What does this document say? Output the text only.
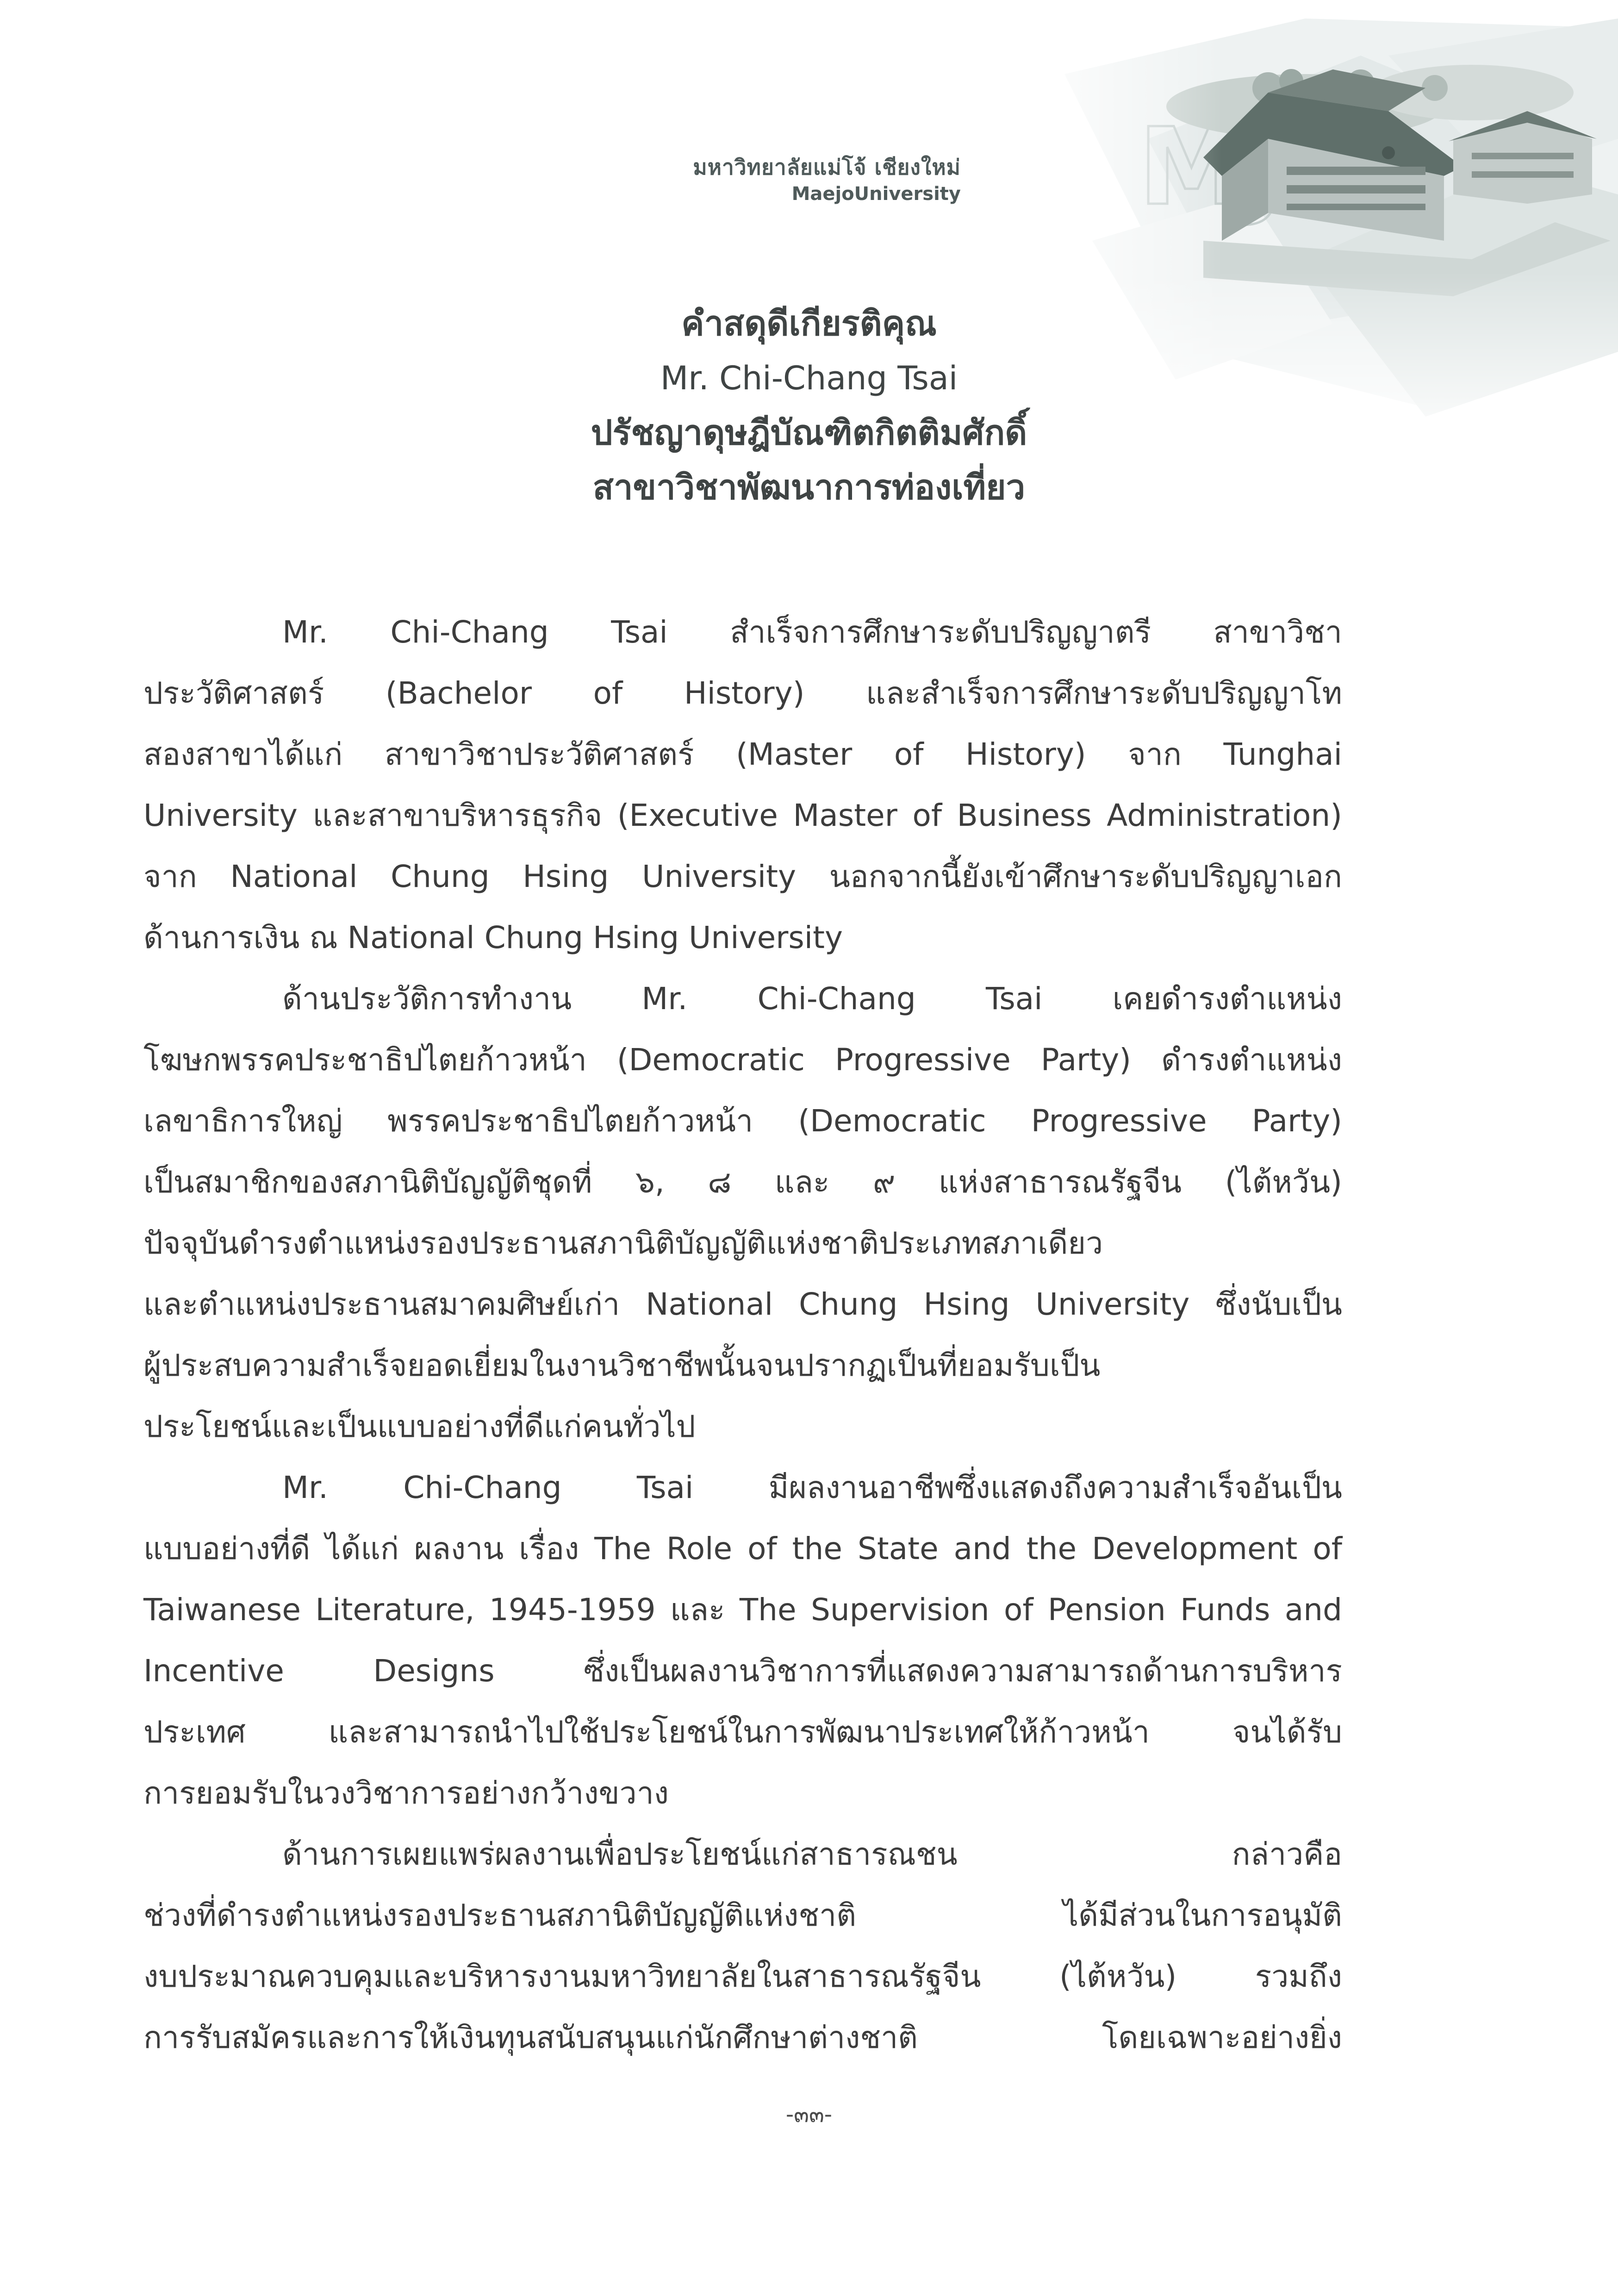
มหาวิทยาลัยแม่โจ้ เชียงใหม่
MaejoUniversity

คำสดุดีเกียรติคุณ

Mr. Chi-Chang Tsai

ปรัชญาดุษฎีบัณฑิตกิตติมศักดิ์

สาขาวิชาพัฒนาการท่องเที่ยว

Mr. Chi-Chang Tsai สำเร็จการศึกษาระดับปริญญาตรี สาขาวิชา
ประวัติศาสตร์ (Bachelor of History) และสำเร็จการศึกษาระดับปริญญาโท
สองสาขาได้แก่ สาขาวิชาประวัติศาสตร์ (Master of History) จาก Tunghai
University และสาขาบริหารธุรกิจ (Executive Master of Business Administration)
จาก National Chung Hsing University นอกจากนี้ยังเข้าศึกษาระดับปริญญาเอก
ด้านการเงิน ณ National Chung Hsing University

ด้านประวัติการทำงาน Mr. Chi-Chang Tsai เคยดำรงตำแหน่ง
โฆษกพรรคประชาธิปไตยก้าวหน้า (Democratic Progressive Party) ดำรงตำแหน่ง
เลขาธิการใหญ่ พรรคประชาธิปไตยก้าวหน้า (Democratic Progressive Party)
เป็นสมาชิกของสภานิติบัญญัติชุดที่ ๖, ๘ และ ๙ แห่งสาธารณรัฐจีน (ไต้หวัน)
ปัจจุบันดำรงตำแหน่งรองประธานสภานิติบัญญัติแห่งชาติประเภทสภาเดียว
และตำแหน่งประธานสมาคมศิษย์เก่า National Chung Hsing University ซึ่งนับเป็น
ผู้ประสบความสำเร็จยอดเยี่ยมในงานวิชาชีพนั้นจนปรากฏเป็นที่ยอมรับเป็น
ประโยชน์และเป็นแบบอย่างที่ดีแก่คนทั่วไป

Mr. Chi-Chang Tsai มีผลงานอาชีพซึ่งแสดงถึงความสำเร็จอันเป็น
แบบอย่างที่ดี ได้แก่ ผลงาน เรื่อง The Role of the State and the Development of
Taiwanese Literature, 1945-1959 และ The Supervision of Pension Funds and
Incentive Designs ซึ่งเป็นผลงานวิชาการที่แสดงความสามารถด้านการบริหาร
ประเทศ และสามารถนำไปใช้ประโยชน์ในการพัฒนาประเทศให้ก้าวหน้า จนได้รับ
การยอมรับในวงวิชาการอย่างกว้างขวาง

ด้านการเผยแพร่ผลงานเพื่อประโยชน์แก่สาธารณชน กล่าวคือ
ช่วงที่ดำรงตำแหน่งรองประธานสภานิติบัญญัติแห่งชาติ ได้มีส่วนในการอนุมัติ
งบประมาณควบคุมและบริหารงานมหาวิทยาลัยในสาธารณรัฐจีน (ไต้หวัน) รวมถึง
การรับสมัครและการให้เงินทุนสนับสนุนแก่นักศึกษาต่างชาติ โดยเฉพาะอย่างยิ่ง

-๓๓-
